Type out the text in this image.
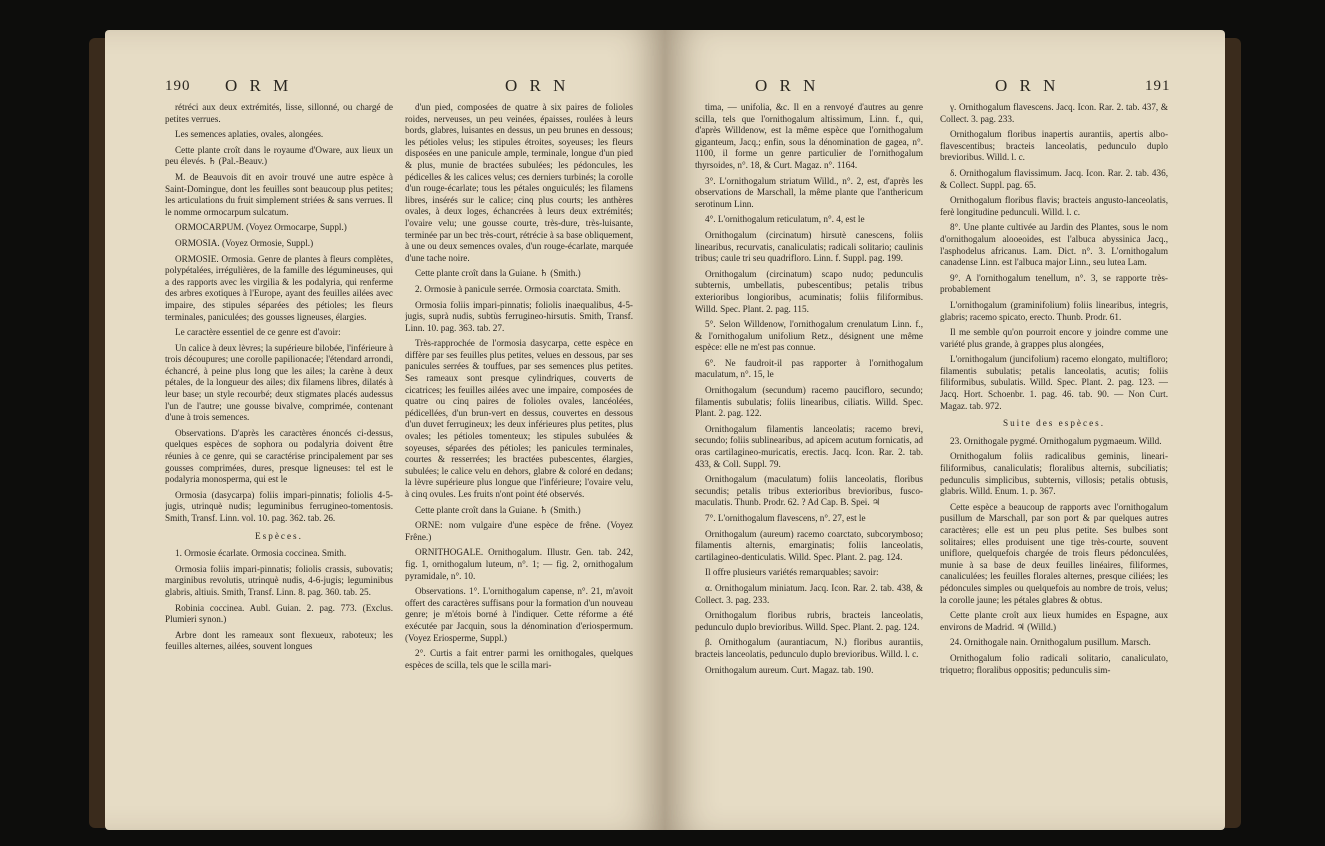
190 O R M	O R N

rétréci aux deux extrémités, lisse, sillonné, ou chargé de petites verrues.

Les semences aplaties, ovales, alongées.

Cette plante croît dans le royaume d'Oware, aux lieux un peu élevés. ♄ (Pal.-Beauv.)

M. de Beauvois dit en avoir trouvé une autre espèce à Saint-Domingue, dont les feuilles sont beaucoup plus petites; les articulations du fruit simplement striées & sans verrues. Il le nomme ormocarpum sulcatum.

ORMOCARPUM. (Voyez Ormocarpe, Suppl.)

ORMOSIA. (Voyez Ormosie, Suppl.)

ORMOSIE. Ormosia. Genre de plantes à fleurs complètes, polypétalées, irrégulières, de la famille des légumineuses, qui a des rapports avec les virgilia & les podalyria, qui renferme des arbres exotiques à l'Europe, ayant des feuilles ailées avec impaire, des stipules séparées des pétioles; les fleurs terminales, paniculées; des gousses ligneuses, élargies.

Le caractère essentiel de ce genre est d'avoir:

Un calice à deux lèvres; la supérieure bilobée, l'inférieure à trois découpures; une corolle papilionacée; l'étendard arrondi, échancré, à peine plus long que les ailes; la carène à deux pétales, de la longueur des ailes; dix filamens libres, dilatés à leur base; un style recourbé; deux stigmates placés audessus l'un de l'autre; une gousse bivalve, comprimée, contenant d'une à trois semences.

Observations. D'après les caractères énoncés ci-dessus, quelques espèces de sophora ou podalyria doivent être réunies à ce genre, qui se caractérise principalement par ses gousses comprimées, dures, presque ligneuses: tel est le podalyria monosperma, qui est le

Ormosia (dasycarpa) foliis impari-pinnatis; foliolis 4-5-jugis, utrinquè nudis; leguminibus ferrugineo-tomentosis. Smith, Transf. Linn. vol. 10. pag. 362. tab. 26.

Espèces.

1. Ormosie écarlate. Ormosia coccinea. Smith.

Ormosia foliis impari-pinnatis; foliolis crassis, subovatis; marginibus revolutis, utrinquè nudis, 4-6-jugis; leguminibus glabris, altiuis. Smith, Transf. Linn. 8. pag. 360. tab. 25.

Robinia coccinea. Aubl. Guian. 2. pag. 773. (Exclus. Plumieri synon.)

Arbre dont les rameaux sont flexueux, raboteux; les feuilles alternes, ailées, souvent longues

d'un pied, composées de quatre à six paires de folioles roides, nerveuses, un peu veinées, épaisses, roulées à leurs bords, glabres, luisantes en dessus, un peu brunes en dessous; les pétioles velus; les stipules étroites, soyeuses; les fleurs disposées en une panicule ample, terminale, longue d'un pied & plus, munie de bractées subulées; les pédoncules, les pédicelles & les calices velus; ces derniers turbinés; la corolle d'un rouge-écarlate; tous les pétales onguiculés; les filamens libres, insérés sur le calice; cinq plus courts; les anthères ovales, à deux loges, échancrées à leurs deux extrémités; l'ovaire velu; une gousse courte, très-dure, très-luisante, terminée par un bec très-court, rétrécie à sa base obliquement, à une ou deux semences ovales, d'un rouge-écarlate, marquée d'une tache noire.

Cette plante croît dans la Guiane. ♄ (Smith.)

2. Ormosie à panicule serrée. Ormosia coarctata. Smith.

Ormosia foliis impari-pinnatis; foliolis inaequalibus, 4-5-jugis, suprà nudis, subtùs ferrugineo-hirsutis. Smith, Transf. Linn. 10. pag. 363. tab. 27.

Très-rapprochée de l'ormosia dasycarpa, cette espèce en diffère par ses feuilles plus petites, velues en dessous, par ses panicules serrées & touffues, par ses semences plus petites. Ses rameaux sont presque cylindriques, couverts de cicatrices; les feuilles ailées avec une impaire, composées de quatre ou cinq paires de folioles ovales, lancéolées, pédicellées, d'un brun-vert en dessus, couvertes en dessous d'un duvet ferrugineux; les deux inférieures plus petites, plus ovales; les pétioles tomenteux; les stipules subulées & soyeuses, séparées des pétioles; les panicules terminales, courtes & resserrées; les bractées pubescentes, élargies, subulées; le calice velu en dehors, glabre & coloré en dedans; la lèvre supérieure plus longue que l'inférieure; l'ovaire velu, à cinq ovules. Les fruits n'ont point été observés.

Cette plante croît dans la Guiane. ♄ (Smith.)

ORNE: nom vulgaire d'une espèce de frêne. (Voyez Frêne.)

ORNITHOGALE. Ornithogalum. Illustr. Gen. tab. 242, fig. 1, ornithogalum luteum, n°. 1; — fig. 2, ornithogalum pyramidale, n°. 10.

Observations. 1°. L'ornithogalum capense, n°. 21, m'avoit offert des caractères suffisans pour la formation d'un nouveau genre; je m'étois borné à l'indiquer. Cette réforme a été exécutée par Jacquin, sous la dénomination d'eriospermum. (Voyez Eriosperme, Suppl.)

2°. Curtis a fait entrer parmi les ornithogales, quelques espèces de scilla, tels que le scilla mari-

O R N	O R N	191

tima, — unifolia, &c. Il en a renvoyé d'autres au genre scilla, tels que l'ornithogalum altissimum, Linn. f., qui, d'après Willdenow, est la même espèce que l'ornithogalum giganteum, Jacq.; enfin, sous la dénomination de gagea, n°. 1100, il forme un genre particulier de l'ornithogalum thyrsoides, n°. 18, & Curt. Magaz. n°. 1164.

3°. L'ornithogalum striatum Willd., n°. 2, est, d'après les observations de Marschall, la même plante que l'anthericum serotinum Linn.

4°. L'ornithogalum reticulatum, n°. 4, est le

Ornithogalum (circinatum) hirsutè canescens, foliis linearibus, recurvatis, canaliculatis; radicali solitario; caulinis tribus; caule tri seu quadrifloro. Linn. f. Suppl. pag. 199.

Ornithogalum (circinatum) scapo nudo; pedunculis subternis, umbellatis, pubescentibus; petalis tribus exterioribus longioribus, acuminatis; foliis filiformibus. Willd. Spec. Plant. 2. pag. 115.

5°. Selon Willdenow, l'ornithogalum crenulatum Linn. f., & l'ornithogalum unifolium Retz., désignent une même espèce: elle ne m'est pas connue.

6°. Ne faudroit-il pas rapporter à l'ornithogalum maculatum, n°. 15, le

Ornithogalum (secundum) racemo paucifloro, secundo; filamentis subulatis; foliis linearibus, ciliatis. Willd. Spec. Plant. 2. pag. 122.

Ornithogalum filamentis lanceolatis; racemo brevi, secundo; foliis sublinearibus, ad apicem acutum fornicatis, ad oras cartilagineo-muricatis, erectis. Jacq. Icon. Rar. 2. tab. 433, & Coll. Suppl. 79.

Ornithogalum (maculatum) foliis lanceolatis, floribus secundis; petalis tribus exterioribus brevioribus, fusco-maculatis. Thunb. Prodr. 62. ? Ad Cap. B. Spei. ♃

7°. L'ornithogalum flavescens, n°. 27, est le

Ornithogalum (aureum) racemo coarctato, subcorymboso; filamentis alternis, emarginatis; foliis lanceolatis, cartilagineo-denticulatis. Willd. Spec. Plant. 2. pag. 124.

Il offre plusieurs variétés remarquables; savoir:

α. Ornithogalum miniatum. Jacq. Icon. Rar. 2. tab. 438, & Collect. 3. pag. 233.

Ornithogalum floribus rubris, bracteis lanceolatis, pedunculo duplo brevioribus. Willd. Spec. Plant. 2. pag. 124.

β. Ornithogalum (aurantiacum, N.) floribus aurantiis, bracteis lanceolatis, pedunculo duplo brevioribus. Willd. l. c.

Ornithogalum aureum. Curt. Magaz. tab. 190.

γ. Ornithogalum flavescens. Jacq. Icon. Rar. 2. tab. 437, & Collect. 3. pag. 233.

Ornithogalum floribus inapertis aurantiis, apertis albo-flavescentibus; bracteis lanceolatis, pedunculo duplo brevioribus. Willd. l. c.

δ. Ornithogalum flavissimum. Jacq. Icon. Rar. 2. tab. 436, & Collect. Suppl. pag. 65.

Ornithogalum floribus flavis; bracteis angusto-lanceolatis, ferè longitudine pedunculi. Willd. l. c.

8°. Une plante cultivée au Jardin des Plantes, sous le nom d'ornithogalum alooeoides, est l'albuca abyssinica Jacq., l'asphodelus africanus. Lam. Dict. n°. 3. L'ornithogalum canadense Linn. est l'albuca major Linn., seu lutea Lam.

9°. A l'ornithogalum tenellum, n°. 3, se rapporte très-probablement

L'ornithogalum (graminifolium) foliis linearibus, integris, glabris; racemo spicato, erecto. Thunb. Prodr. 61.

Il me semble qu'on pourroit encore y joindre comme une variété plus grande, à grappes plus alongées,

L'ornithogalum (juncifolium) racemo elongato, multifloro; filamentis subulatis; petalis lanceolatis, acutis; foliis filiformibus, subulatis. Willd. Spec. Plant. 2. pag. 123. — Jacq. Hort. Schoenbr. 1. pag. 46. tab. 90. — Non Curt. Magaz. tab. 972.

Suite des espèces.

23. Ornithogale pygmé. Ornithogalum pygmaeum. Willd.

Ornithogalum foliis radicalibus geminis, lineari-filiformibus, canaliculatis; floralibus alternis, subciliatis; pedunculis simplicibus, subternis, villosis; petalis obtusis, glabris. Willd. Enum. 1. p. 367.

Cette espèce a beaucoup de rapports avec l'ornithogalum pusillum de Marschall, par son port & par quelques autres caractères; elle est un peu plus petite. Ses bulbes sont solitaires; elles produisent une tige très-courte, souvent uniflore, quelquefois chargée de trois fleurs pédonculées, munie à sa base de deux feuilles linéaires, filiformes, canaliculées; les feuilles florales alternes, presque ciliées; les pédoncules simples ou quelquefois au nombre de trois, velus; la corolle jaune; les pétales glabres & obtus.

Cette plante croît aux lieux humides en Espagne, aux environs de Madrid. ♃ (Willd.)

24. Ornithogale nain. Ornithogalum pusillum. Marsch.

Ornithogalum folio radicali solitario, canaliculato, triquetro; floralibus oppositis; pedunculis sim-
